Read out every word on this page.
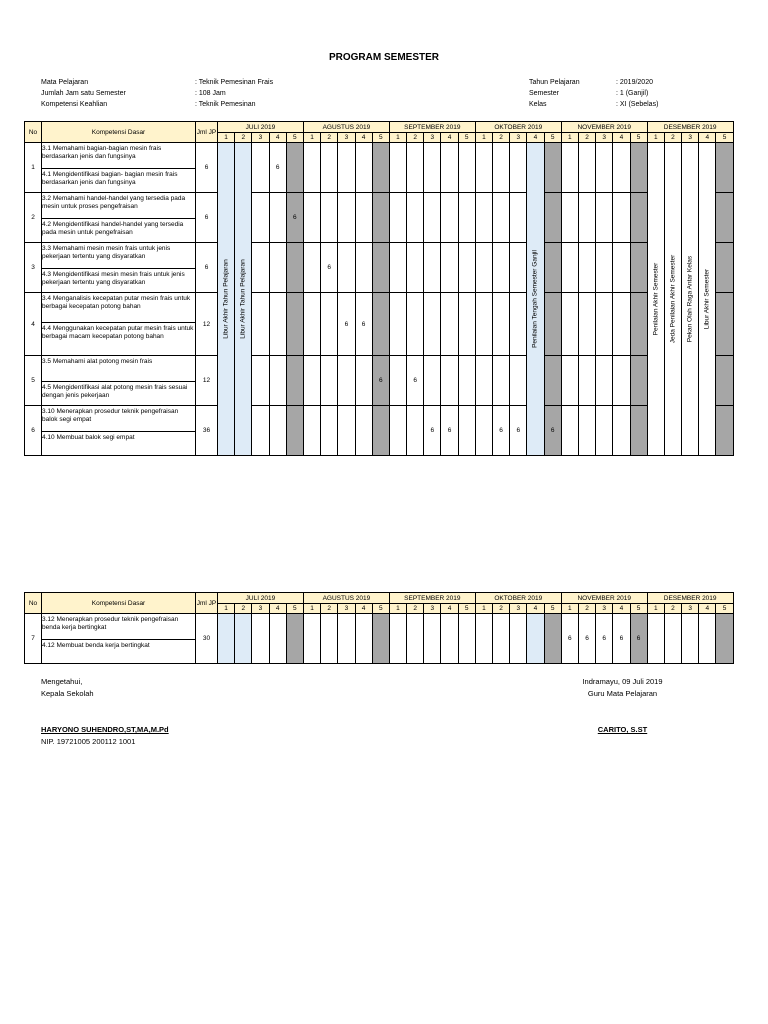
PROGRAM SEMESTER
Mata Pelajaran	: Teknik Pemesinan Frais
Jumlah Jam satu Semester	: 108 Jam
Kompetensi Keahlian	: Teknik Pemesinan
Tahun Pelajaran	: 2019/2020
Semester	: 1 (Ganjil)
Kelas	: XI (Sebelas)
No	Kompetensi Dasar	Jml JP	JULI 2019					AGUSTUS 2019					SEPTEMBER 2019					OKTOBER 2019					NOVEMBER 2019					DESEMBER 2019				
			1	2	3	4	5	1	2	3	4	5	1	2	3	4	5	1	2	3	4	5	1	2	3	4	5	1	2	3	4	5
1	3.1 Memahami bagian-bagian mesin frais berdasarkan jenis dan fungsinya	6	Libur Akhir Tahun Pelajaran	Libur Akhir Tahun Pelajaran		6															Penilaian Tengah Semester Ganjil							Penilaian Akhir Semester	Jeda Penilaian Akhir Semester	Pekan Olah Raga Antar Kelas	Libur Akhir Semester	

	4.1 Mengidentifikasi bagian- bagian mesin frais berdasarkan jenis dan fungsinya																															
2	3.2 Memahami handel-handel yang tersedia pada mesin untuk proses pengefraisan	6					6																									
	4.2 Mengidentifikasi handel-handel yang tersedia pada mesin untuk pengefraisan																															
3	3.3 Memahami mesin mesin frais untuk jenis pekerjaan tertentu yang disyaratkan	6							6																							
	4.3 Mengidentifikasi mesin mesin frais untuk jenis pekerjaan tertentu yang disyaratkan																															
4	3.4 Menganalisis kecepatan putar mesin frais untuk berbagai kecepatan potong bahan	12								6	6																					
	4.4 Menggunakan kecepatan putar mesin frais untuk berbagai macam kecepatan potong bahan																															
5	3.5 Memahami alat potong mesin frais	12										6		6																		
	4.5 Mengidentifikasi alat potong mesin frais sesuai dengan jenis pekerjaan																															
6	3.10 Menerapkan prosedur teknik pengefraisan balok segi empat	36													6	6			6	6		6										
	4.10 Membuat balok segi empat																															
No	Kompetensi Dasar	Jml JP	JULI 2019					AGUSTUS 2019					SEPTEMBER 2019					OKTOBER 2019					NOVEMBER 2019					DESEMBER 2019				
			1	2	3	4	5	1	2	3	4	5	1	2	3	4	5	1	2	3	4	5	1	2	3	4	5	1	2	3	4	5
7	3.12 Menerapkan prosedur teknik pengefraisan benda kerja bertingkat	30																					6	6	6	6	6					
	4.12 Membuat benda kerja bertingkat																															
Mengetahui,
Kepala Sekolah
HARYONO SUHENDRO,ST,MA,M.Pd
NIP. 19721005 200112 1001
Indramayu, 09 Juli 2019
Guru Mata Pelajaran
CARITO, S.ST
